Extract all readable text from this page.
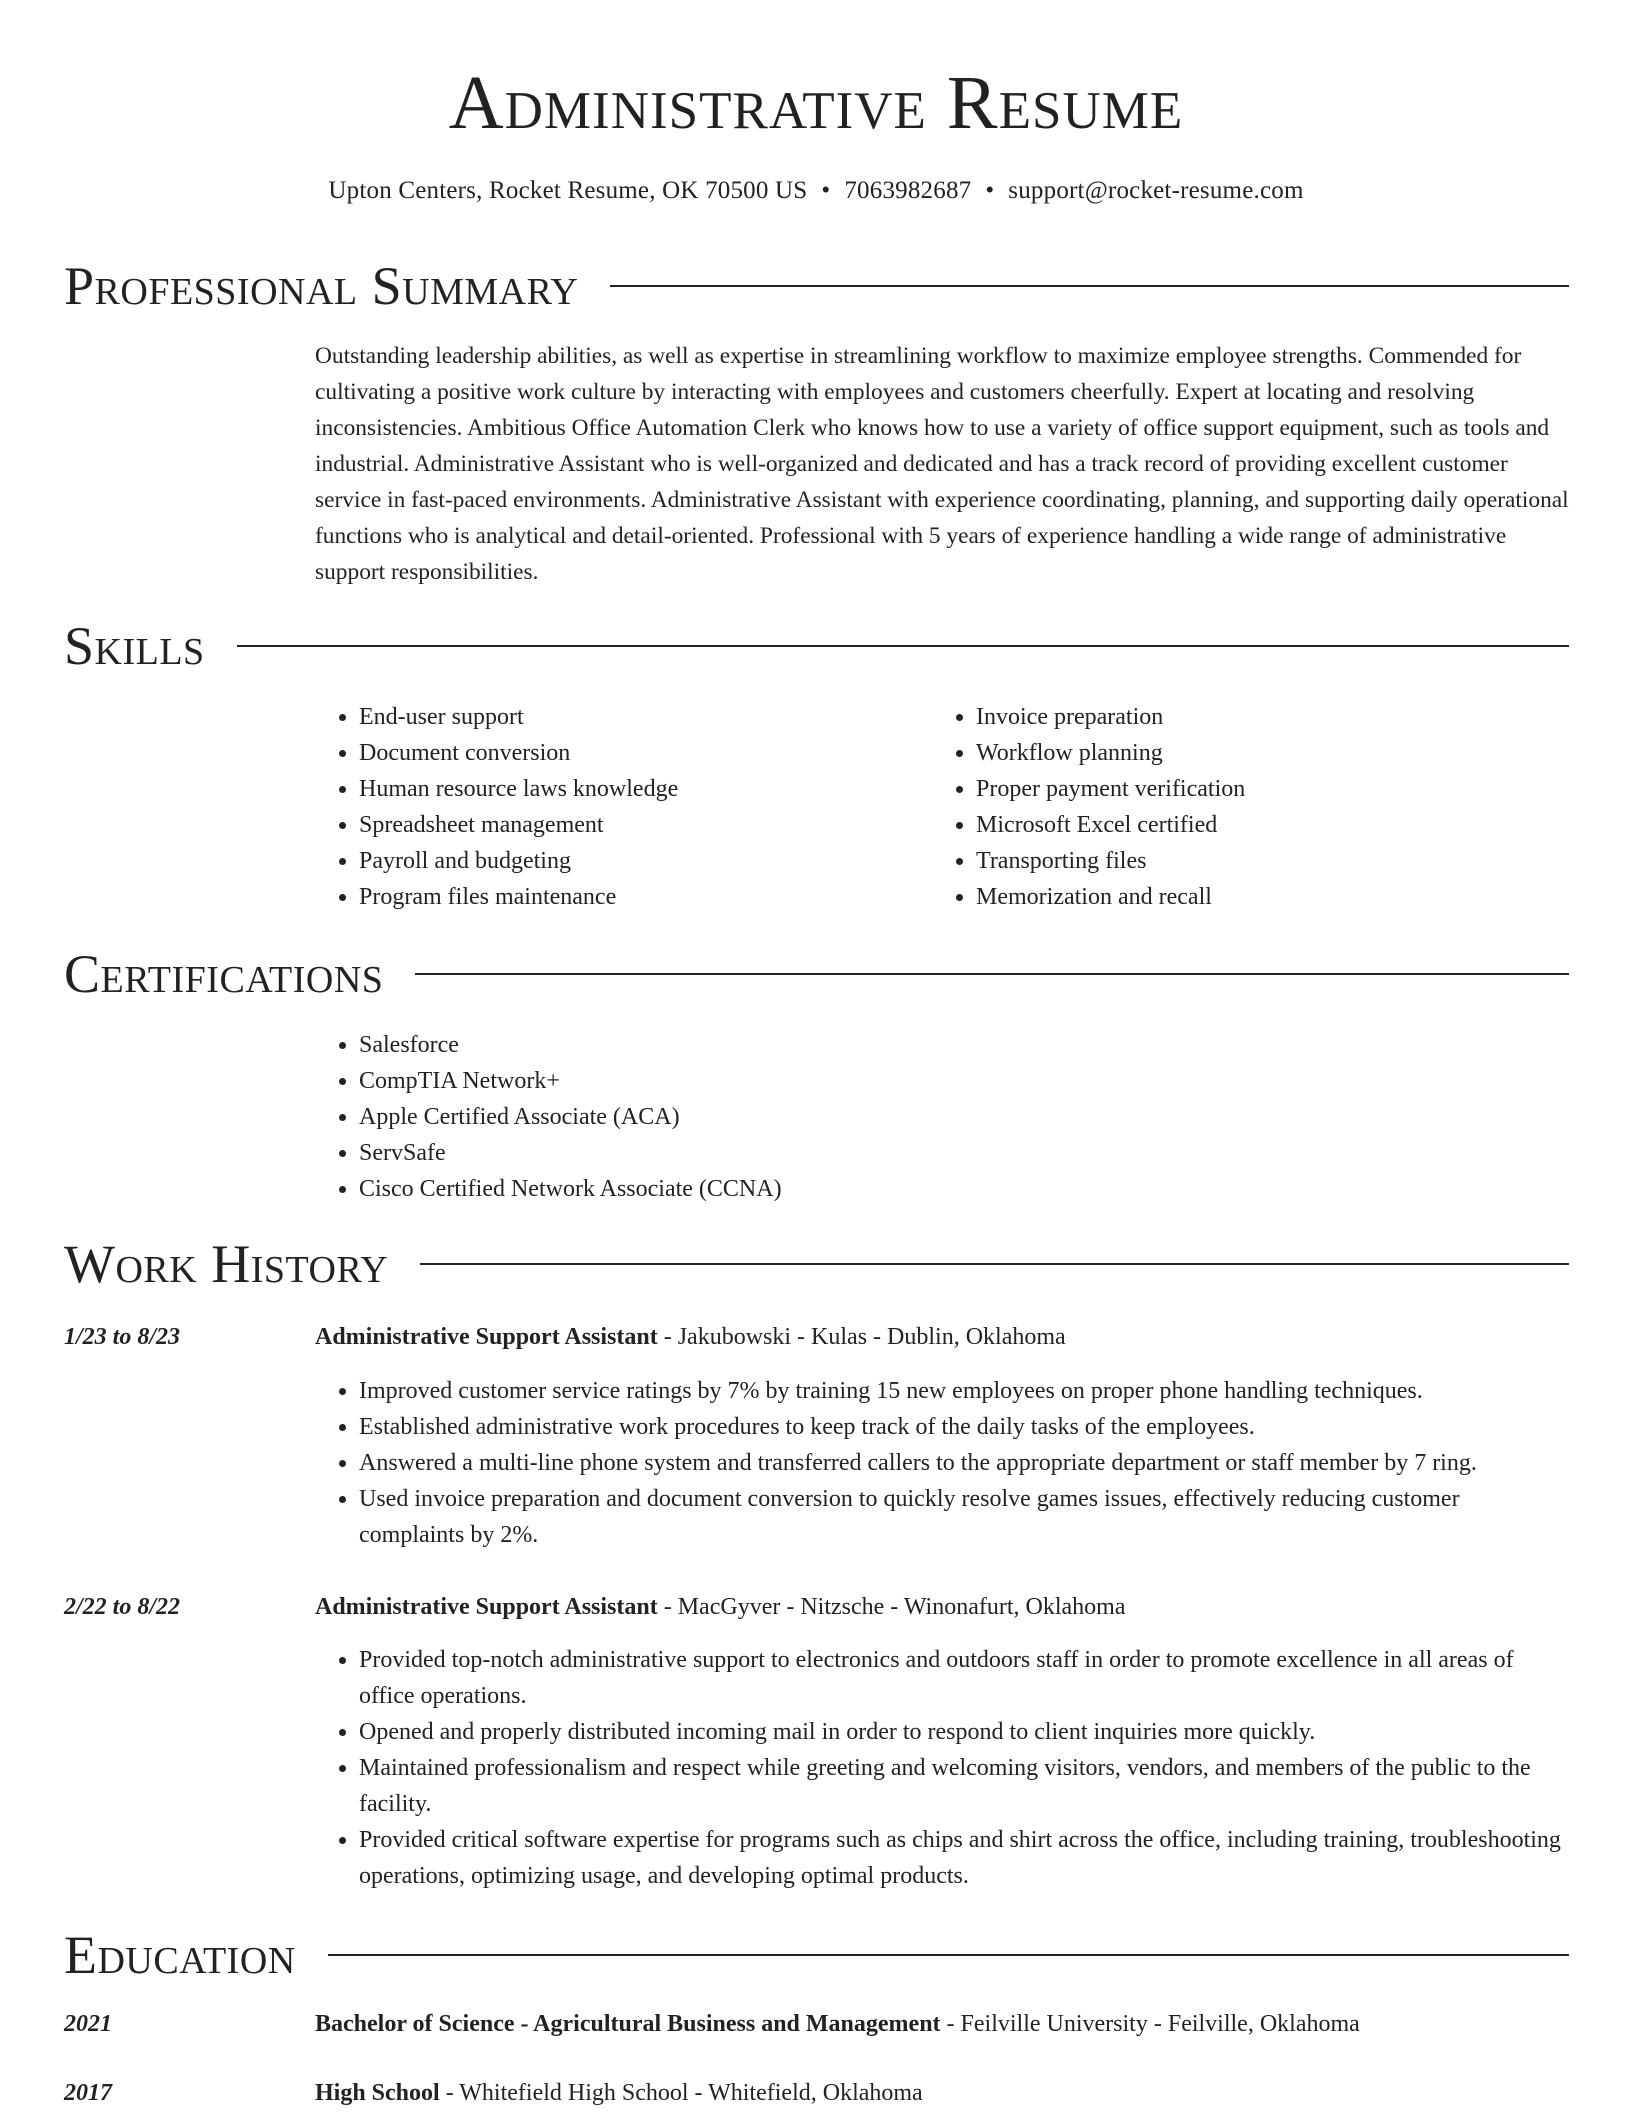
Administrative Resume
Upton Centers, Rocket Resume, OK 70500 US • 7063982687 • support@rocket-resume.com
Professional Summary

Outstanding leadership abilities, as well as expertise in streamlining workflow to maximize employee strengths. Commended for cultivating a positive work culture by interacting with employees and customers cheerfully. Expert at locating and resolving inconsistencies. Ambitious Office Automation Clerk who knows how to use a variety of office support equipment, such as tools and industrial. Administrative Assistant who is well-organized and dedicated and has a track record of providing excellent customer service in fast-paced environments. Administrative Assistant with experience coordinating, planning, and supporting daily operational functions who is analytical and detail-oriented. Professional with 5 years of experience handling a wide range of administrative support responsibilities.

Skills
• End-user support
• Document conversion
• Human resource laws knowledge
• Spreadsheet management
• Payroll and budgeting
• Program files maintenance
• Invoice preparation
• Workflow planning
• Proper payment verification
• Microsoft Excel certified
• Transporting files
• Memorization and recall
Certifications
• Salesforce
• CompTIA Network+
• Apple Certified Associate (ACA)
• ServSafe
• Cisco Certified Network Associate (CCNA)
Work History
1/23 to 8/23	Administrative Support Assistant - Jakubowski - Kulas - Dublin, Oklahoma
• Improved customer service ratings by 7% by training 15 new employees on proper phone handling techniques.
• Established administrative work procedures to keep track of the daily tasks of the employees.
• Answered a multi-line phone system and transferred callers to the appropriate department or staff member by 7 ring.
• Used invoice preparation and document conversion to quickly resolve games issues, effectively reducing customer complaints by 2%.
2/22 to 8/22	Administrative Support Assistant - MacGyver - Nitzsche - Winonafurt, Oklahoma
• Provided top-notch administrative support to electronics and outdoors staff in order to promote excellence in all areas of office operations.
• Opened and properly distributed incoming mail in order to respond to client inquiries more quickly.
• Maintained professionalism and respect while greeting and welcoming visitors, vendors, and members of the public to the facility.
• Provided critical software expertise for programs such as chips and shirt across the office, including training, troubleshooting operations, optimizing usage, and developing optimal products.
Education
2021	Bachelor of Science - Agricultural Business and Management - Feilville University - Feilville, Oklahoma
2017	High School - Whitefield High School - Whitefield, Oklahoma
